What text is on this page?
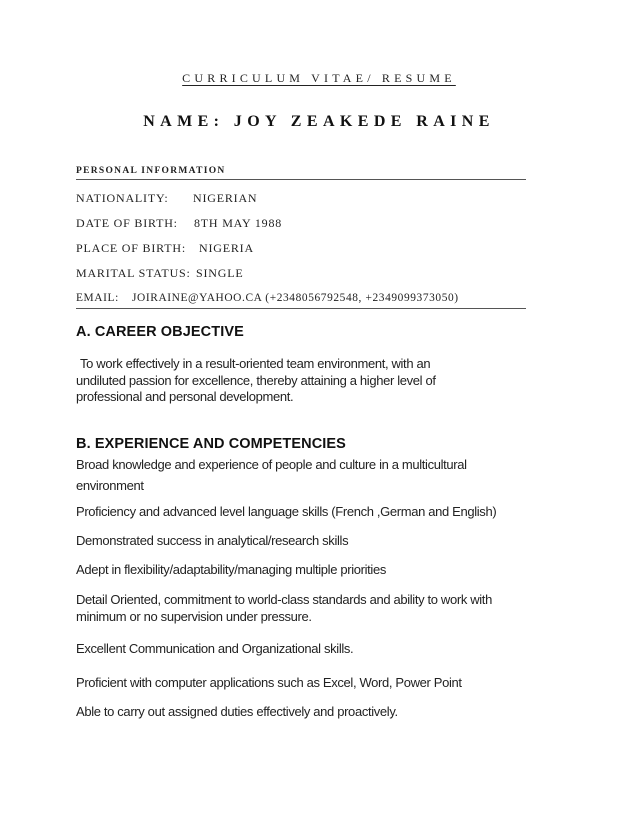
CURRICULUM VITAE/ RESUME
NAME: JOY ZEAKEDE RAINE
PERSONAL INFORMATION
NATIONALITY: NIGERIAN
DATE OF BIRTH: 8TH MAY 1988
PLACE OF BIRTH: NIGERIA
MARITAL STATUS: SINGLE
EMAIL: JOIRAINE@YAHOO.CA (+2348056792548, +2349099373050)
A. CAREER OBJECTIVE
To work effectively in a result-oriented team environment, with an undiluted passion for excellence, thereby attaining a higher level of professional and personal development.
B. EXPERIENCE AND COMPETENCIES
Broad knowledge and experience of people and culture in a multicultural environment
Proficiency and advanced level language skills (French ,German and English)
Demonstrated success in analytical/research skills
Adept in flexibility/adaptability/managing multiple priorities
Detail Oriented, commitment to world-class standards and ability to work with minimum or no supervision under pressure.
Excellent Communication and Organizational skills.
Proficient with computer applications such as Excel, Word, Power Point
Able to carry out assigned duties effectively and proactively.
